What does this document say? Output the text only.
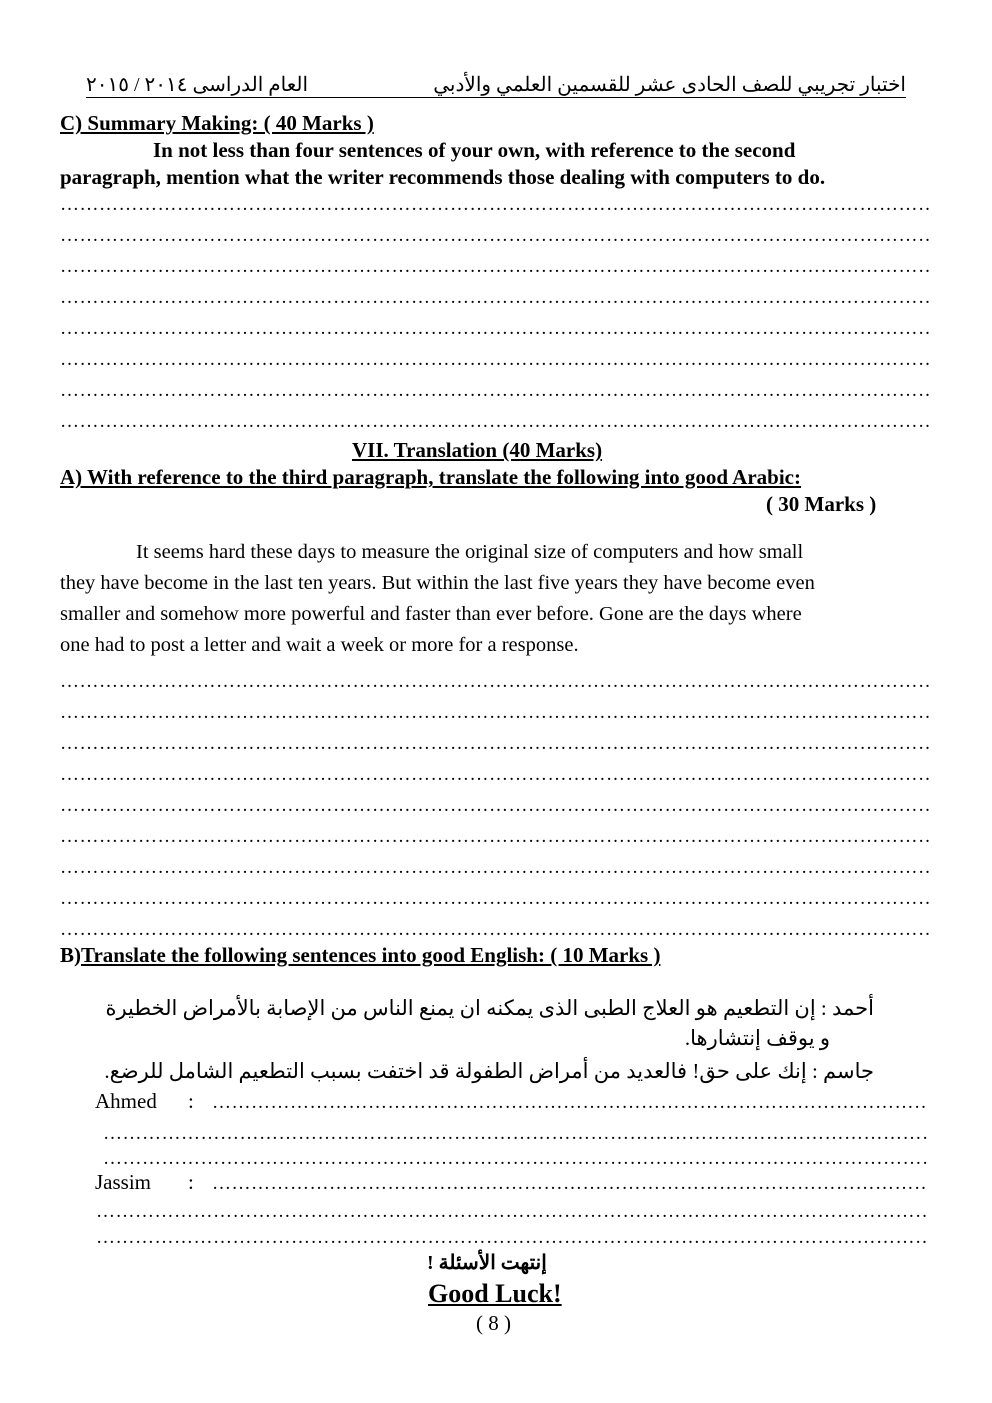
اختبار تجريبي للصف الحادى عشر للقسمين العلمي والأدبي
العام الدراسى ٢٠١٤ / ٢٠١٥
C) Summary Making: ( 40 Marks )
In not less than four sentences of your own, with reference to the second
paragraph, mention what the writer recommends those dealing with computers to do.
……………………………………………………………………………………………………………………………………………
……………………………………………………………………………………………………………………………………………
……………………………………………………………………………………………………………………………………………
……………………………………………………………………………………………………………………………………………
……………………………………………………………………………………………………………………………………………
……………………………………………………………………………………………………………………………………………
……………………………………………………………………………………………………………………………………………
……………………………………………………………………………………………………………………………………………
VII. Translation (40 Marks)
A) With reference to the third paragraph, translate the following into good Arabic:
( 30 Marks )
It seems hard these days to measure the original size of computers and how small
they have become in the last ten years. But within the last five years they have become even
smaller and somehow more powerful and faster than ever before. Gone are the days where
one had to post a letter and wait a week or more for a response.
……………………………………………………………………………………………………………………………………………
……………………………………………………………………………………………………………………………………………
……………………………………………………………………………………………………………………………………………
……………………………………………………………………………………………………………………………………………
……………………………………………………………………………………………………………………………………………
……………………………………………………………………………………………………………………………………………
……………………………………………………………………………………………………………………………………………
……………………………………………………………………………………………………………………………………………
……………………………………………………………………………………………………………………………………………
B)Translate the following sentences into good English: ( 10 Marks )
أحمد : إن التطعيم هو العلاج الطبى الذى يمكنه ان يمنع الناس من الإصابة بالأمراض الخطيرة
و يوقف إنتشارها.
جاسم : إنك على حق! فالعديد من أمراض الطفولة قد اختفت بسبب التطعيم الشامل للرضع.
Ahmed :
……………………………………………………………………………………………………………………………………………
……………………………………………………………………………………………………………………………………………
……………………………………………………………………………………………………………………………………………
Jassim :
……………………………………………………………………………………………………………………………………………
……………………………………………………………………………………………………………………………………………
……………………………………………………………………………………………………………………………………………
إنتهت الأسئلة !
Good Luck!
( 8 )
